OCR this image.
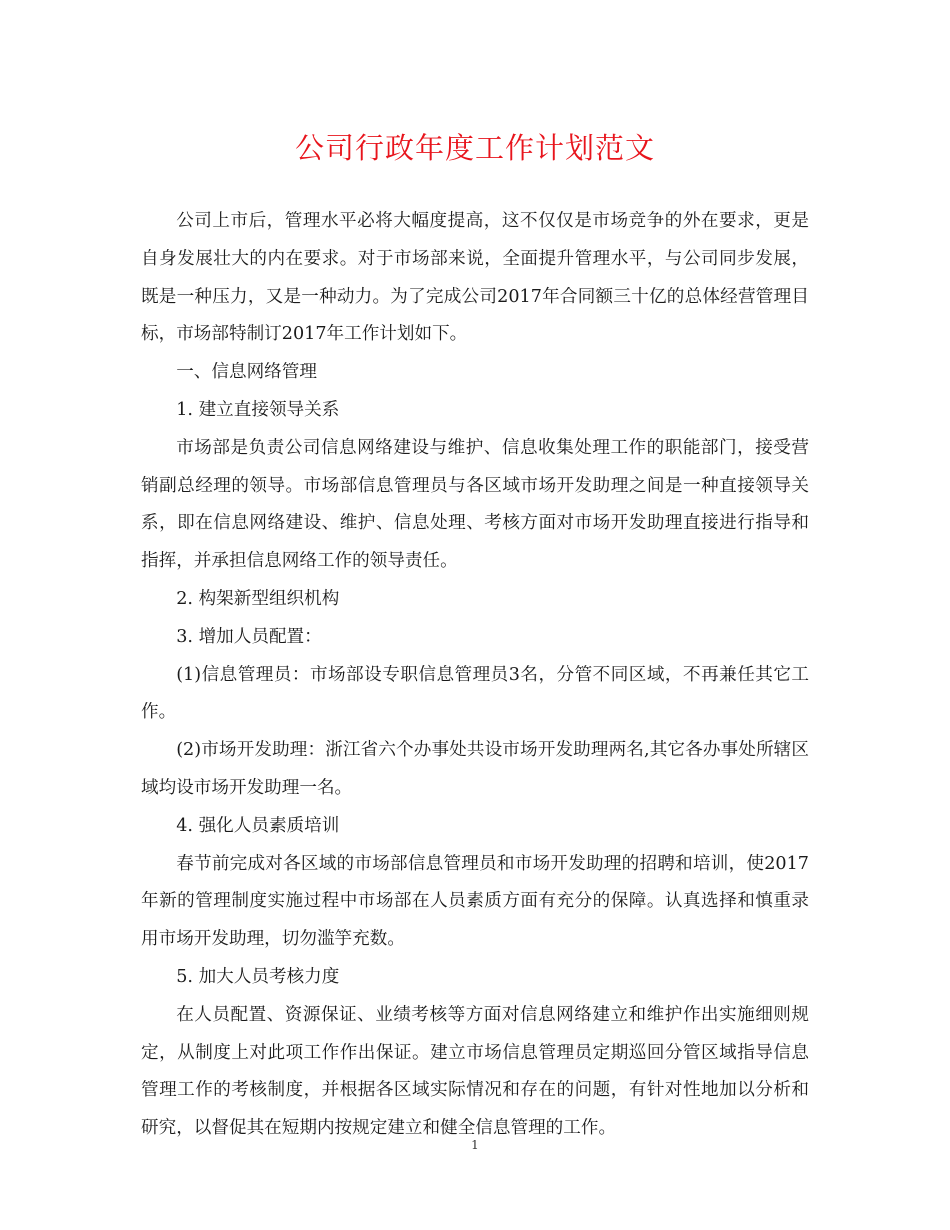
公司行政年度工作计划范文

公司上市后，管理水平必将大幅度提高，这不仅仅是市场竞争的外在要求，更是自身发展壮大的内在要求。对于市场部来说，全面提升管理水平，与公司同步发展，既是一种压力，又是一种动力。为了完成公司2017年合同额三十亿的总体经营管理目标，市场部特制订2017年工作计划如下。

一、信息网络管理

1. 建立直接领导关系

市场部是负责公司信息网络建设与维护、信息收集处理工作的职能部门，接受营销副总经理的领导。市场部信息管理员与各区域市场开发助理之间是一种直接领导关系，即在信息网络建设、维护、信息处理、考核方面对市场开发助理直接进行指导和指挥，并承担信息网络工作的领导责任。

2. 构架新型组织机构

3. 增加人员配置：

(1)信息管理员：市场部设专职信息管理员3名，分管不同区域，不再兼任其它工作。

(2)市场开发助理：浙江省六个办事处共设市场开发助理两名,其它各办事处所辖区域均设市场开发助理一名。

4. 强化人员素质培训

春节前完成对各区域的市场部信息管理员和市场开发助理的招聘和培训，使2017年新的管理制度实施过程中市场部在人员素质方面有充分的保障。认真选择和慎重录用市场开发助理，切勿滥竽充数。

5. 加大人员考核力度

在人员配置、资源保证、业绩考核等方面对信息网络建立和维护作出实施细则规定，从制度上对此项工作作出保证。建立市场信息管理员定期巡回分管区域指导信息管理工作的考核制度，并根据各区域实际情况和存在的问题，有针对性地加以分析和研究，以督促其在短期内按规定建立和健全信息管理的工作。

1
